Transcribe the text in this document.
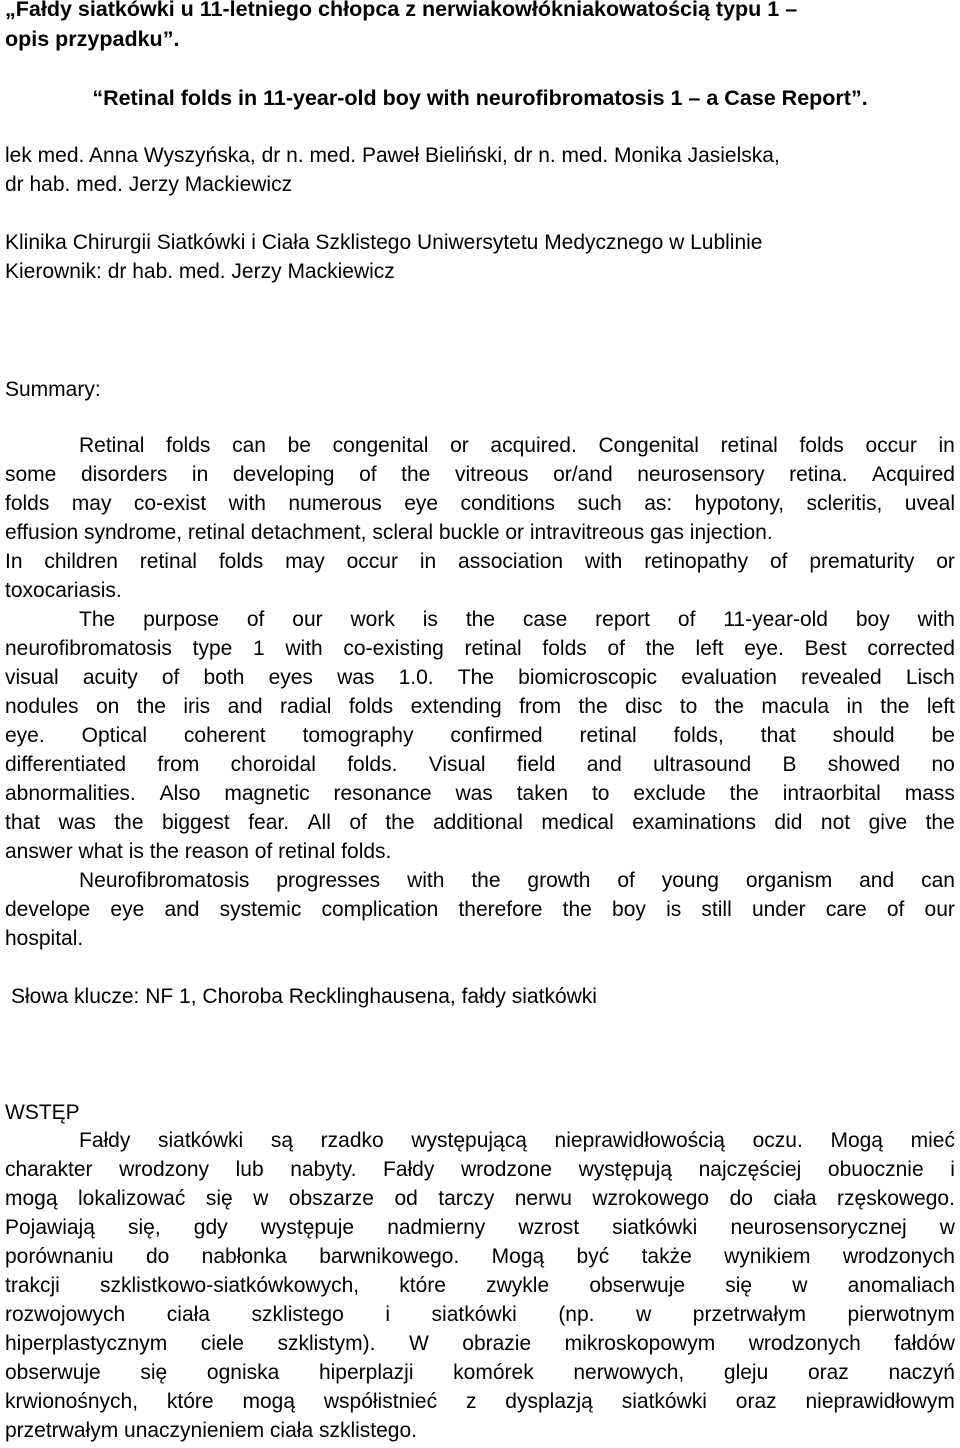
„Fałdy siatkówki u 11-letniego chłopca z nerwiakowłókniakowatością typu 1 –
opis przypadku”.
“Retinal folds in 11-year-old boy with neurofibromatosis 1 – a Case Report”.
lek med. Anna Wyszyńska, dr n. med. Paweł Bieliński, dr n. med. Monika Jasielska,
dr hab. med. Jerzy Mackiewicz
Klinika Chirurgii Siatkówki i Ciała Szklistego Uniwersytetu Medycznego w Lublinie
Kierownik: dr hab. med. Jerzy Mackiewicz
Summary:
Retinal folds can be congenital or acquired. Congenital retinal folds occur in
some disorders in developing of the vitreous or/and neurosensory retina. Acquired
folds may co-exist with numerous eye conditions such as: hypotony, scleritis, uveal
effusion syndrome, retinal detachment, scleral buckle or intravitreous gas injection.
In children retinal folds may occur in association with retinopathy of prematurity or
toxocariasis.
The purpose of our work is the case report of 11-year-old boy with
neurofibromatosis type 1 with co-existing retinal folds of the left eye. Best corrected
visual acuity of both eyes was 1.0. The biomicroscopic evaluation revealed Lisch
nodules on the iris and radial folds extending from the disc to the macula in the left
eye. Optical coherent tomography confirmed retinal folds, that should be
differentiated from choroidal folds. Visual field and ultrasound B showed no
abnormalities. Also magnetic resonance was taken to exclude the intraorbital mass
that was the biggest fear. All of the additional medical examinations did not give the
answer what is the reason of retinal folds.
Neurofibromatosis progresses with the growth of young organism and can
develope eye and systemic complication therefore the boy is still under care of our
hospital.
Słowa klucze: NF 1, Choroba Recklinghausena, fałdy siatkówki
WSTĘP
Fałdy siatkówki są rzadko występującą nieprawidłowością oczu. Mogą mieć
charakter wrodzony lub nabyty. Fałdy wrodzone występują najczęściej obuocznie i
mogą lokalizować się w obszarze od tarczy nerwu wzrokowego do ciała rzęskowego.
Pojawiają się, gdy występuje nadmierny wzrost siatkówki neurosensorycznej w
porównaniu do nabłonka barwnikowego. Mogą być także wynikiem wrodzonych
trakcji szklistkowo-siatkówkowych, które zwykle obserwuje się w anomaliach
rozwojowych ciała szklistego i siatkówki (np. w przetrwałym pierwotnym
hiperplastycznym ciele szklistym). W obrazie mikroskopowym wrodzonych fałdów
obserwuje się ogniska hiperplazji komórek nerwowych, gleju oraz naczyń
krwionośnych, które mogą współistnieć z dysplazją siatkówki oraz nieprawidłowym
przetrwałym unaczynieniem ciała szklistego.
